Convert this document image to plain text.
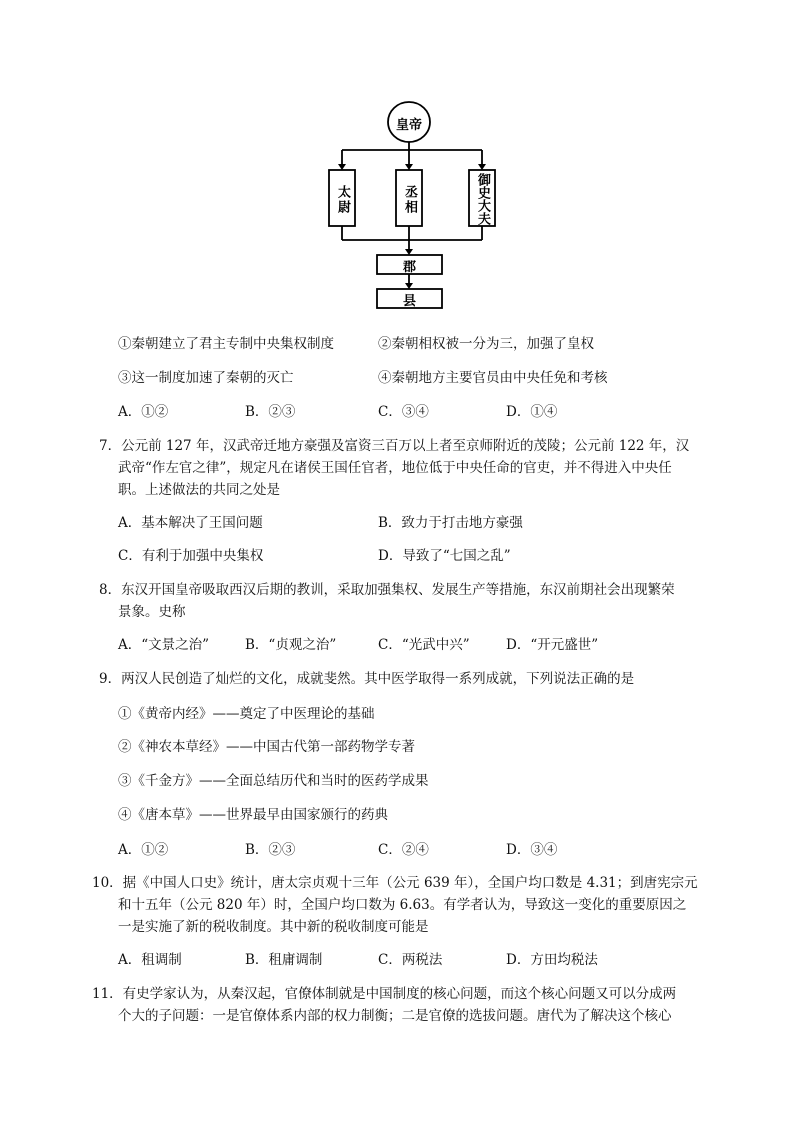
皇帝
太尉	丞相	御史大夫
郡
县
①秦朝建立了君主专制中央集权制度	②秦朝相权被一分为三，加强了皇权
③这一制度加速了秦朝的灭亡	④秦朝地方主要官员由中央任免和考核
A．①②	B．②③	C．③④	D．①④
7．公元前 127 年，汉武帝迁地方豪强及富资三百万以上者至京师附近的茂陵；公元前 122 年，汉
武帝“作左官之律”，规定凡在诸侯王国任官者，地位低于中央任命的官吏，并不得进入中央任
职。上述做法的共同之处是
A．基本解决了王国问题	B．致力于打击地方豪强
C．有利于加强中央集权	D．导致了“七国之乱”
8．东汉开国皇帝吸取西汉后期的教训，采取加强集权、发展生产等措施，东汉前期社会出现繁荣
景象。史称
A．“文景之治”	B．“贞观之治”	C．“光武中兴”	D．“开元盛世”
9．两汉人民创造了灿烂的文化，成就斐然。其中医学取得一系列成就，下列说法正确的是
①《黄帝内经》——奠定了中医理论的基础
②《神农本草经》——中国古代第一部药物学专著
③《千金方》——全面总结历代和当时的医药学成果
④《唐本草》——世界最早由国家颁行的药典
A．①②	B．②③	C．②④	D．③④
10．据《中国人口史》统计，唐太宗贞观十三年（公元 639 年），全国户均口数是 4.31；到唐宪宗元
和十五年（公元 820 年）时，全国户均口数为 6.63。有学者认为，导致这一变化的重要原因之
一是实施了新的税收制度。其中新的税收制度可能是
A．租调制	B．租庸调制	C．两税法	D．方田均税法
11．有史学家认为，从秦汉起，官僚体制就是中国制度的核心问题，而这个核心问题又可以分成两
个大的子问题：一是官僚体系内部的权力制衡；二是官僚的选拔问题。唐代为了解决这个核心
